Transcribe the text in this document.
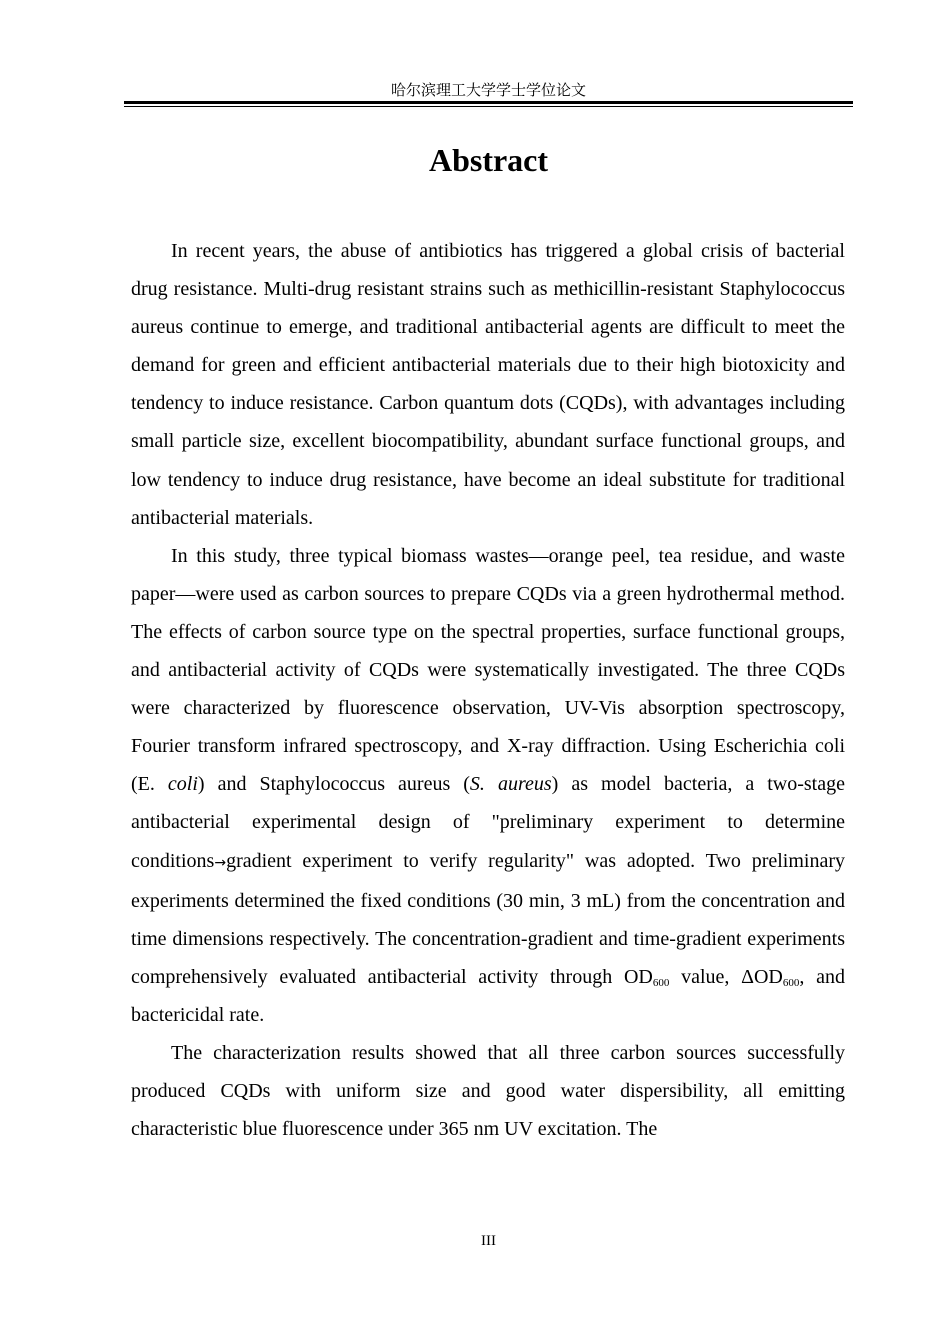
哈尔滨理工大学学士学位论文
Abstract

In recent years, the abuse of antibiotics has triggered a global crisis of bacterial drug resistance. Multi-drug resistant strains such as methicillin-resistant Staphylococcus aureus continue to emerge, and traditional antibacterial agents are difficult to meet the demand for green and efficient antibacterial materials due to their high biotoxicity and tendency to induce resistance. Carbon quantum dots (CQDs), with advantages including small particle size, excellent biocompatibility, abundant surface functional groups, and low tendency to induce drug resistance, have become an ideal substitute for traditional antibacterial materials.

In this study, three typical biomass wastes—orange peel, tea residue, and waste paper—were used as carbon sources to prepare CQDs via a green hydrothermal method. The effects of carbon source type on the spectral properties, surface functional groups, and antibacterial activity of CQDs were systematically investigated. The three CQDs were characterized by fluorescence observation, UV-Vis absorption spectroscopy, Fourier transform infrared spectroscopy, and X-ray diffraction. Using Escherichia coli (E. coli) and Staphylococcus aureus (S. aureus) as model bacteria, a two-stage antibacterial experimental design of "preliminary experiment to determine conditions→gradient experiment to verify regularity" was adopted. Two preliminary experiments determined the fixed conditions (30 min, 3 mL) from the concentration and time dimensions respectively. The concentration-gradient and time-gradient experiments comprehensively evaluated antibacterial activity through $OD_{600}$ value, $\Delta OD_{600}$, and bactericidal rate.

The characterization results showed that all three carbon sources successfully produced CQDs with uniform size and good water dispersibility, all emitting characteristic blue fluorescence under 365 nm UV excitation. The

III
